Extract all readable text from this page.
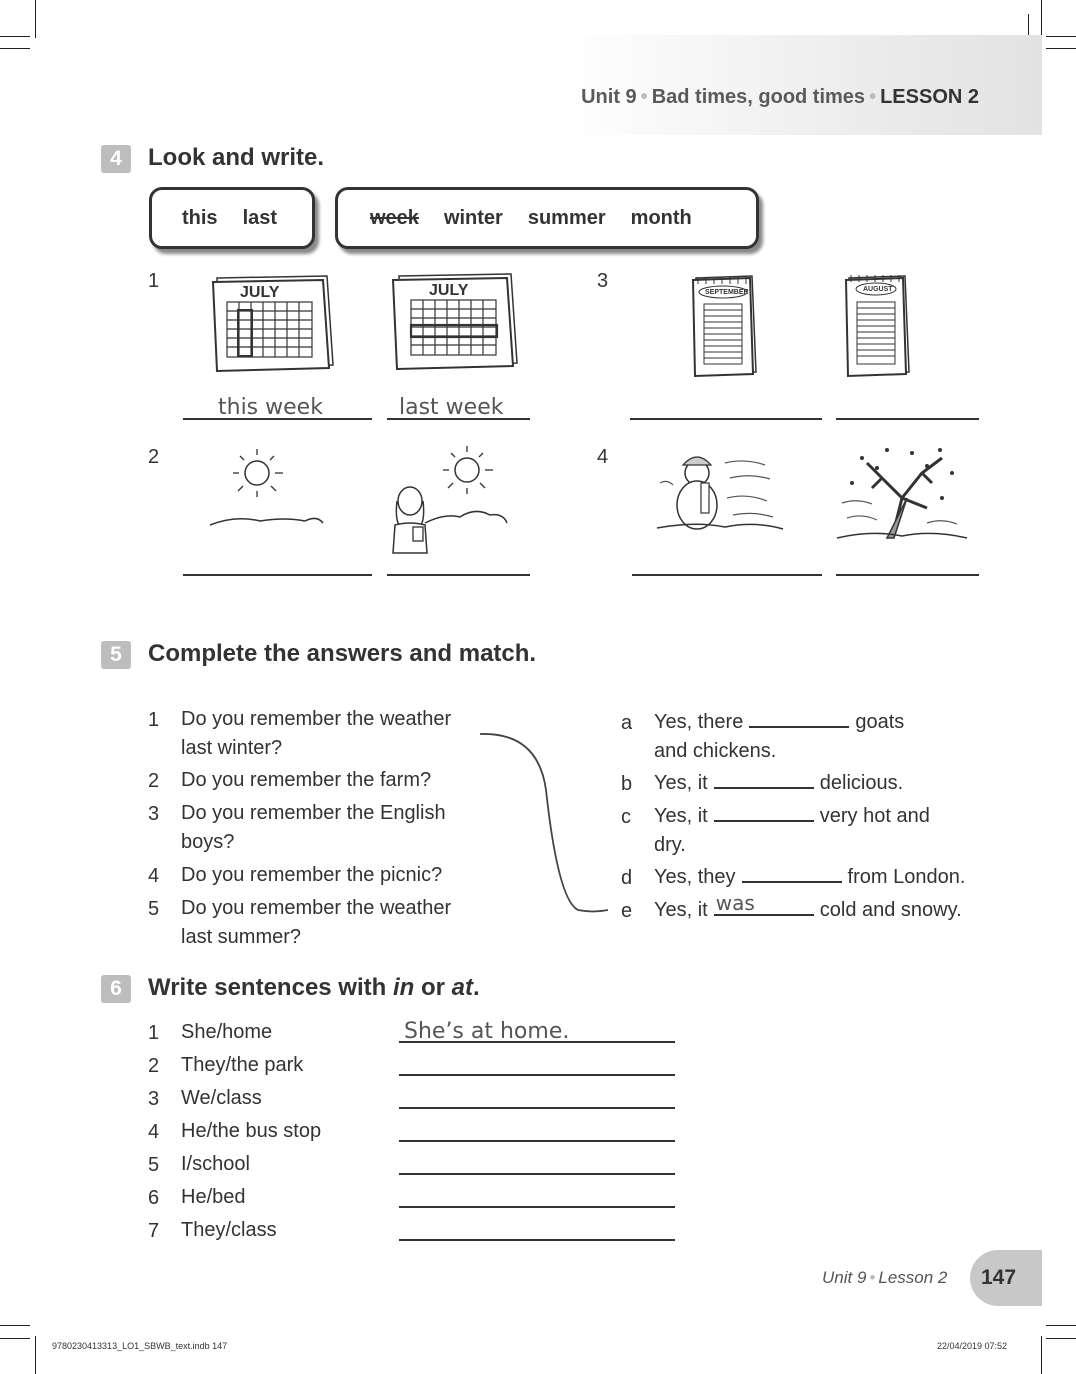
Unit 9 • Bad times, good times • LESSON 2
4	Look and write.
this last	week winter summer month
1
2
3
4
JULY	JULY	SEPTEMBER	AUGUST
this week	last week
5	Complete the answers and match.
1 Do you remember the weather
last winter?
2 Do you remember the farm?
3 Do you remember the English
boys?
4 Do you remember the picnic?
5 Do you remember the weather
last summer?
a Yes, there	goats
and chickens.
b Yes, it	delicious.
c Yes, it	very hot and
dry.
d Yes, they	from London.
e Yes, it was	cold and snowy.
6	Write sentences with in or at.
1 She/home	She’s at home.
2 They/the park
3 We/class
4 He/the bus stop
5 I/school
6 He/bed
7 They/class
Unit 9 • Lesson 2 147
9780230413313_LO1_SBWB_text.indb 147	22/04/2019 07:52
